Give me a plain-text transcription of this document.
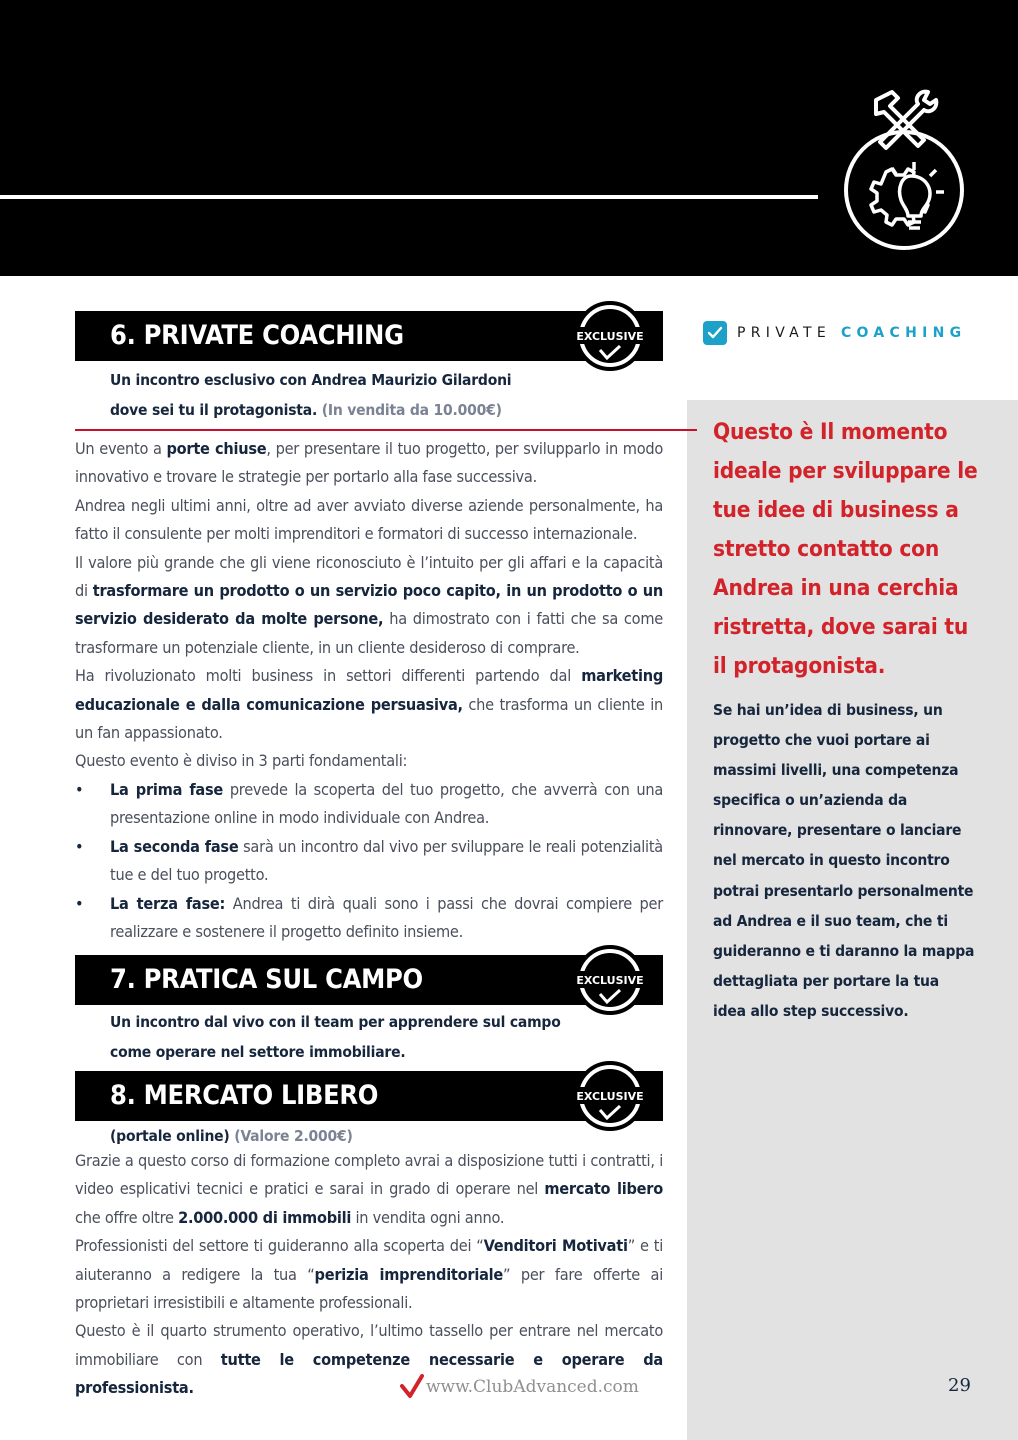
PRIVATE COACHING
6. PRIVATE COACHING	EXCLUSIVE
Un incontro esclusivo con Andrea Maurizio Gilardoni
dove sei tu il protagonista. (In vendita da 10.000€)

Un evento a porte chiuse, per presentare il tuo progetto, per svilupparlo in modo innovativo e trovare le strategie per portarlo alla fase successiva.

Andrea negli ultimi anni, oltre ad aver avviato diverse aziende personalmente, ha fatto il consulente per molti imprenditori e formatori di successo internazionale.

Il valore più grande che gli viene riconosciuto è l’intuito per gli affari e la capacità di trasformare un prodotto o un servizio poco capito, in un prodotto o un servizio desiderato da molte persone, ha dimostrato con i fatti che sa come trasformare un potenziale cliente, in un cliente desideroso di comprare.

Ha rivoluzionato molti business in settori differenti partendo dal marketing educazionale e dalla comunicazione persuasiva, che trasforma un cliente in un fan appassionato.

Questo evento è diviso in 3 parti fondamentali:

• La prima fase prevede la scoperta del tuo progetto, che avverrà con una presentazione online in modo individuale con Andrea.
• La seconda fase sarà un incontro dal vivo per sviluppare le reali potenzialità tue e del tuo progetto.
• La terza fase: Andrea ti dirà quali sono i passi che dovrai compiere per realizzare e sostenere il progetto definito insieme.
7. PRATICA SUL CAMPO	EXCLUSIVE
Un incontro dal vivo con il team per apprendere sul campo
come operare nel settore immobiliare.
8. MERCATO LIBERO	EXCLUSIVE
(portale online) (Valore 2.000€)

Grazie a questo corso di formazione completo avrai a disposizione tutti i contratti, i video esplicativi tecnici e pratici e sarai in grado di operare nel mercato libero che offre oltre 2.000.000 di immobili in vendita ogni anno.

Professionisti del settore ti guideranno alla scoperta dei “Venditori Motivati” e ti aiuteranno a redigere la tua “perizia imprenditoriale” per fare offerte ai proprietari irresistibili e altamente professionali.

Questo è il quarto strumento operativo, l’ultimo tassello per entrare nel mercato immobiliare con tutte le competenze necessarie e operare da professionista.

Questo è Il momento ideale per sviluppare le tue idee di business a stretto contatto con Andrea in una cerchia ristretta, dove sarai tu il protagonista.
Se hai un’idea di business, un progetto che vuoi portare ai massimi livelli, una competenza specifica o un’azienda da rinnovare, presentare o lanciare nel mercato in questo incontro potrai presentarlo personalmente ad Andrea e il suo team, che ti guideranno e ti daranno la mappa dettagliata per portare la tua idea allo step successivo.
www.ClubAdvanced.com	29
